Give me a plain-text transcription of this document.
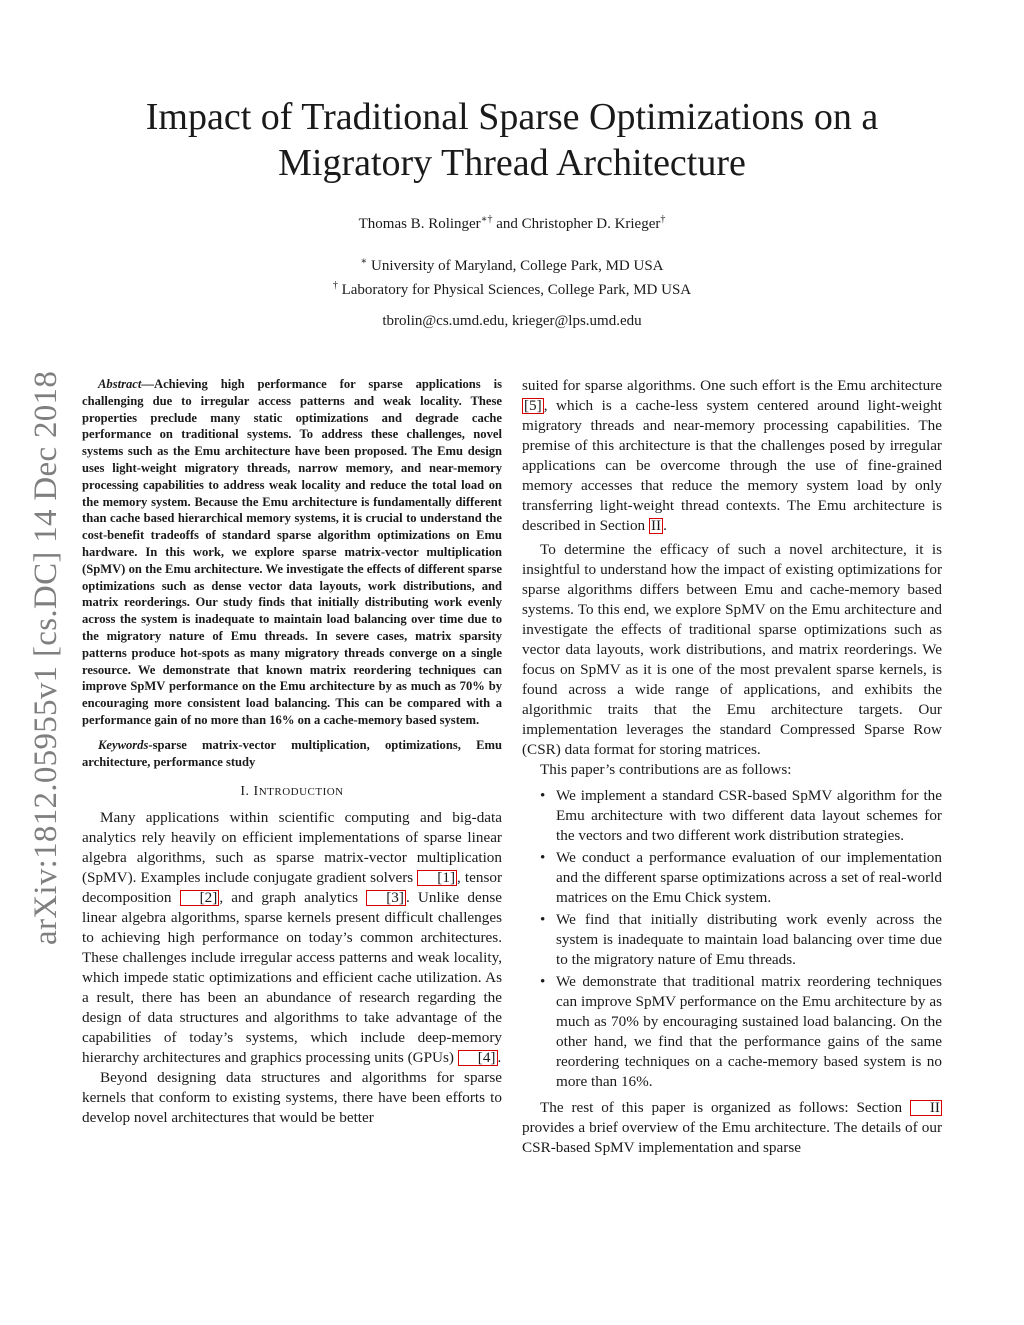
arXiv:1812.05955v1 [cs.DC] 14 Dec 2018
Impact of Traditional Sparse Optimizations on a
Migratory Thread Architecture
Thomas B. Rolinger∗† and Christopher D. Krieger†
∗ University of Maryland, College Park, MD USA
† Laboratory for Physical Sciences, College Park, MD USA
tbrolin@cs.umd.edu, krieger@lps.umd.edu

Abstract—Achieving high performance for sparse applications is challenging due to irregular access patterns and weak locality. These properties preclude many static optimizations and degrade cache performance on traditional systems. To address these challenges, novel systems such as the Emu architecture have been proposed. The Emu design uses light-weight migratory threads, narrow memory, and near-memory processing capabilities to address weak locality and reduce the total load on the memory system. Because the Emu architecture is fundamentally different than cache based hierarchical memory systems, it is crucial to understand the cost-benefit tradeoffs of standard sparse algorithm optimizations on Emu hardware. In this work, we explore sparse matrix-vector multiplication (SpMV) on the Emu architecture. We investigate the effects of different sparse optimizations such as dense vector data layouts, work distributions, and matrix reorderings. Our study finds that initially distributing work evenly across the system is inadequate to maintain load balancing over time due to the migratory nature of Emu threads. In severe cases, matrix sparsity patterns produce hot-spots as many migratory threads converge on a single resource. We demonstrate that known matrix reordering techniques can improve SpMV performance on the Emu architecture by as much as 70% by encouraging more consistent load balancing. This can be compared with a performance gain of no more than 16% on a cache-memory based system.

Keywords-sparse matrix-vector multiplication, optimizations, Emu architecture, performance study

I. INTRODUCTION

Many applications within scientific computing and big-data analytics rely heavily on efficient implementations of sparse linear algebra algorithms, such as sparse matrix-vector multiplication (SpMV). Examples include conjugate gradient solvers [1] , tensor decomposition [2] , and graph analytics [3] . Unlike dense linear algebra algorithms, sparse kernels present difficult challenges to achieving high performance on today’s common architectures. These challenges include irregular access patterns and weak locality, which impede static optimizations and efficient cache utilization. As a result, there has been an abundance of research regarding the design of data structures and algorithms to take advantage of the capabilities of today’s systems, which include deep-memory hierarchy architectures and graphics processing units (GPUs) [4] .

Beyond designing data structures and algorithms for sparse kernels that conform to existing systems, there have been efforts to develop novel architectures that would be better

suited for sparse algorithms. One such effort is the Emu architecture [5] , which is a cache-less system centered around light-weight migratory threads and near-memory processing capabilities. The premise of this architecture is that the challenges posed by irregular applications can be overcome through the use of fine-grained memory accesses that reduce the memory system load by only transferring light-weight thread contexts. The Emu architecture is described in Section II .

To determine the efficacy of such a novel architecture, it is insightful to understand how the impact of existing optimizations for sparse algorithms differs between Emu and cache-memory based systems. To this end, we explore SpMV on the Emu architecture and investigate the effects of traditional sparse optimizations such as vector data layouts, work distributions, and matrix reorderings. We focus on SpMV as it is one of the most prevalent sparse kernels, is found across a wide range of applications, and exhibits the algorithmic traits that the Emu architecture targets. Our implementation leverages the standard Compressed Sparse Row (CSR) data format for storing matrices.

This paper’s contributions are as follows:

• We implement a standard CSR-based SpMV algorithm for the Emu architecture with two different data layout schemes for the vectors and two different work distribution strategies.
• We conduct a performance evaluation of our implementation and the different sparse optimizations across a set of real-world matrices on the Emu Chick system.
• We find that initially distributing work evenly across the system is inadequate to maintain load balancing over time due to the migratory nature of Emu threads.
• We demonstrate that traditional matrix reordering techniques can improve SpMV performance on the Emu architecture by as much as 70% by encouraging sustained load balancing. On the other hand, we find that the performance gains of the same reordering techniques on a cache-memory based system is no more than 16%.

The rest of this paper is organized as follows: Section II provides a brief overview of the Emu architecture. The details of our CSR-based SpMV implementation and sparse
